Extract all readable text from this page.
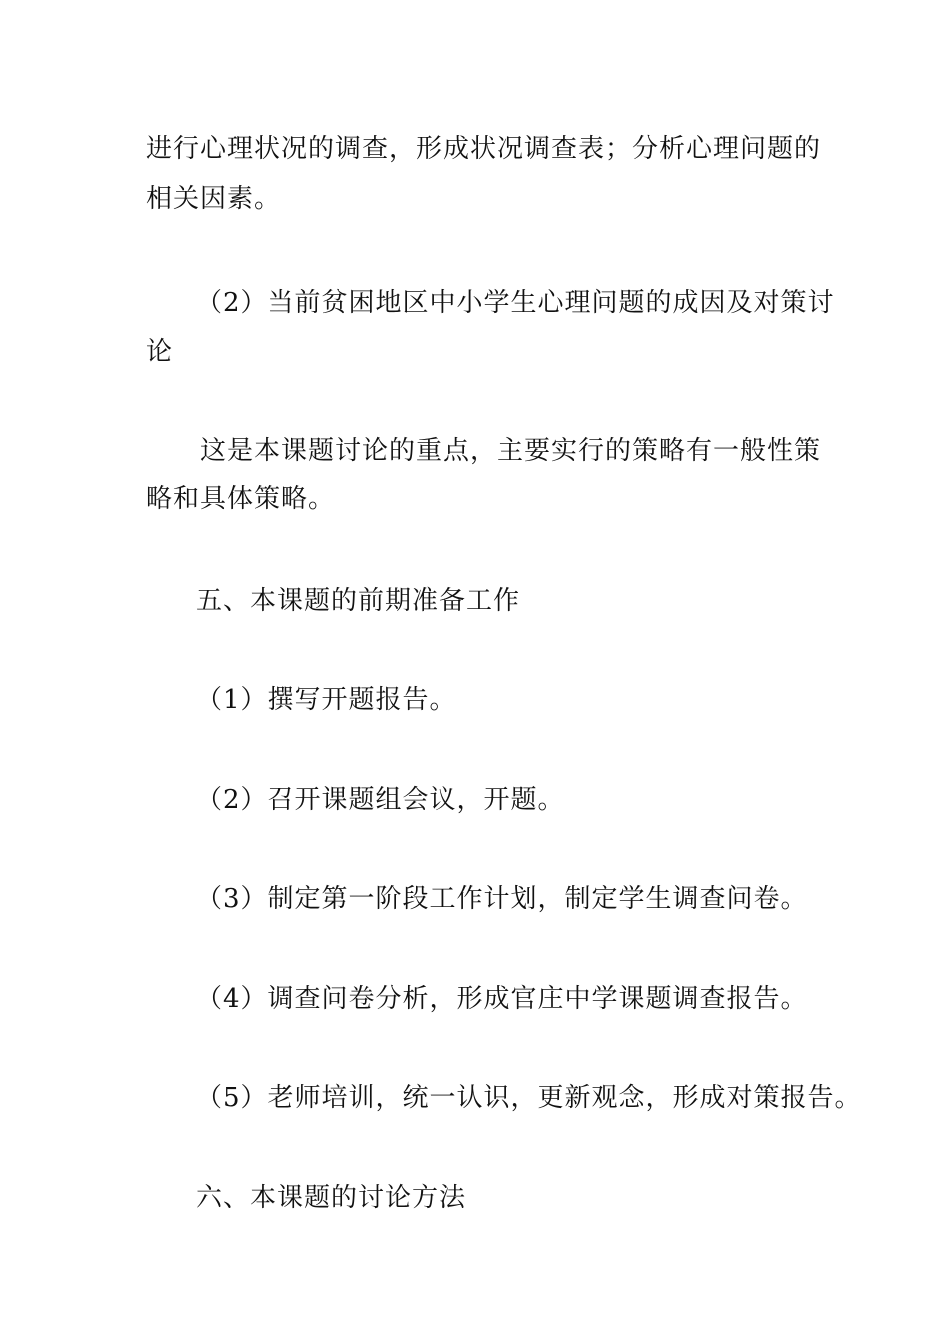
进行心理状况的调查，形成状况调查表；分析心理问题的
相关因素。
（2）当前贫困地区中小学生心理问题的成因及对策讨
论
这是本课题讨论的重点，主要实行的策略有一般性策
略和具体策略。
五、本课题的前期准备工作
（1）撰写开题报告。
（2）召开课题组会议，开题。
（3）制定第一阶段工作计划，制定学生调查问卷。
（4）调查问卷分析，形成官庄中学课题调查报告。
（5）老师培训，统一认识，更新观念，形成对策报告。
六、本课题的讨论方法
